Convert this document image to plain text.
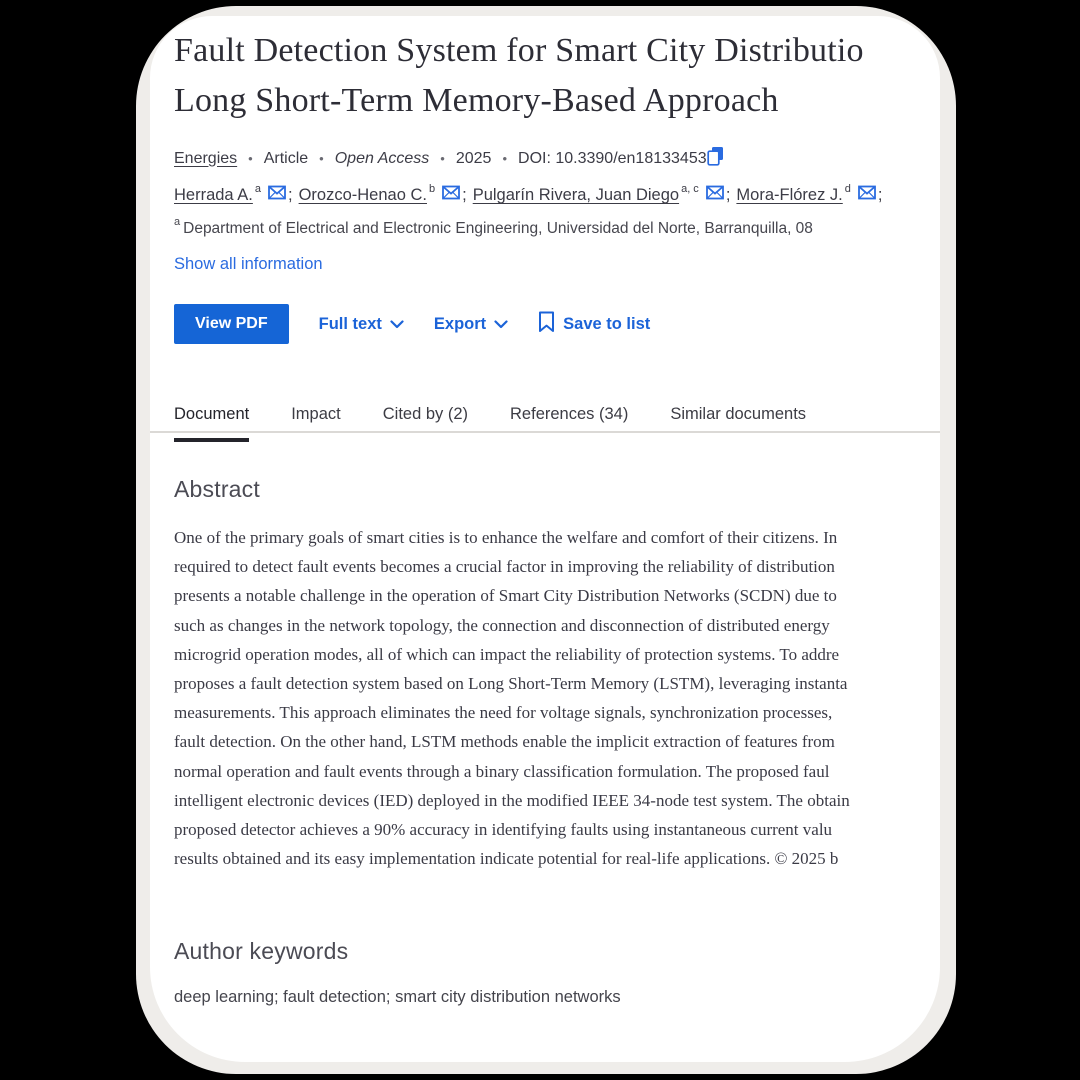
Fault Detection System for Smart City Distributio
Long Short-Term Memory-Based Approach
Energies • Article • Open Access • 2025 • DOI: 10.3390/en18133453
Herrada A. $^a$ ; Orozco-Henao C. $^b$ ; Pulgarín Rivera, Juan Diego $^{a, c}$ ; Mora-Flórez J. $^d$ ;
$^a$ Department of Electrical and Electronic Engineering, Universidad del Norte, Barranquilla, 08
Show all information
View PDF	Full text	Export	Save to list
Document	Impact	Cited by (2)	References (34)	Similar documents
Abstract
One of the primary goals of smart cities is to enhance the welfare and comfort of their citizens. In
required to detect fault events becomes a crucial factor in improving the reliability of distribution
presents a notable challenge in the operation of Smart City Distribution Networks (SCDN) due to
such as changes in the network topology, the connection and disconnection of distributed energy
microgrid operation modes, all of which can impact the reliability of protection systems. To addre
proposes a fault detection system based on Long Short-Term Memory (LSTM), leveraging instanta
measurements. This approach eliminates the need for voltage signals, synchronization processes,
fault detection. On the other hand, LSTM methods enable the implicit extraction of features from
normal operation and fault events through a binary classification formulation. The proposed faul
intelligent electronic devices (IED) deployed in the modified IEEE 34-node test system. The obtain
proposed detector achieves a 90% accuracy in identifying faults using instantaneous current valu
results obtained and its easy implementation indicate potential for real-life applications. © 2025 b
Author keywords
deep learning; fault detection; smart city distribution networks
